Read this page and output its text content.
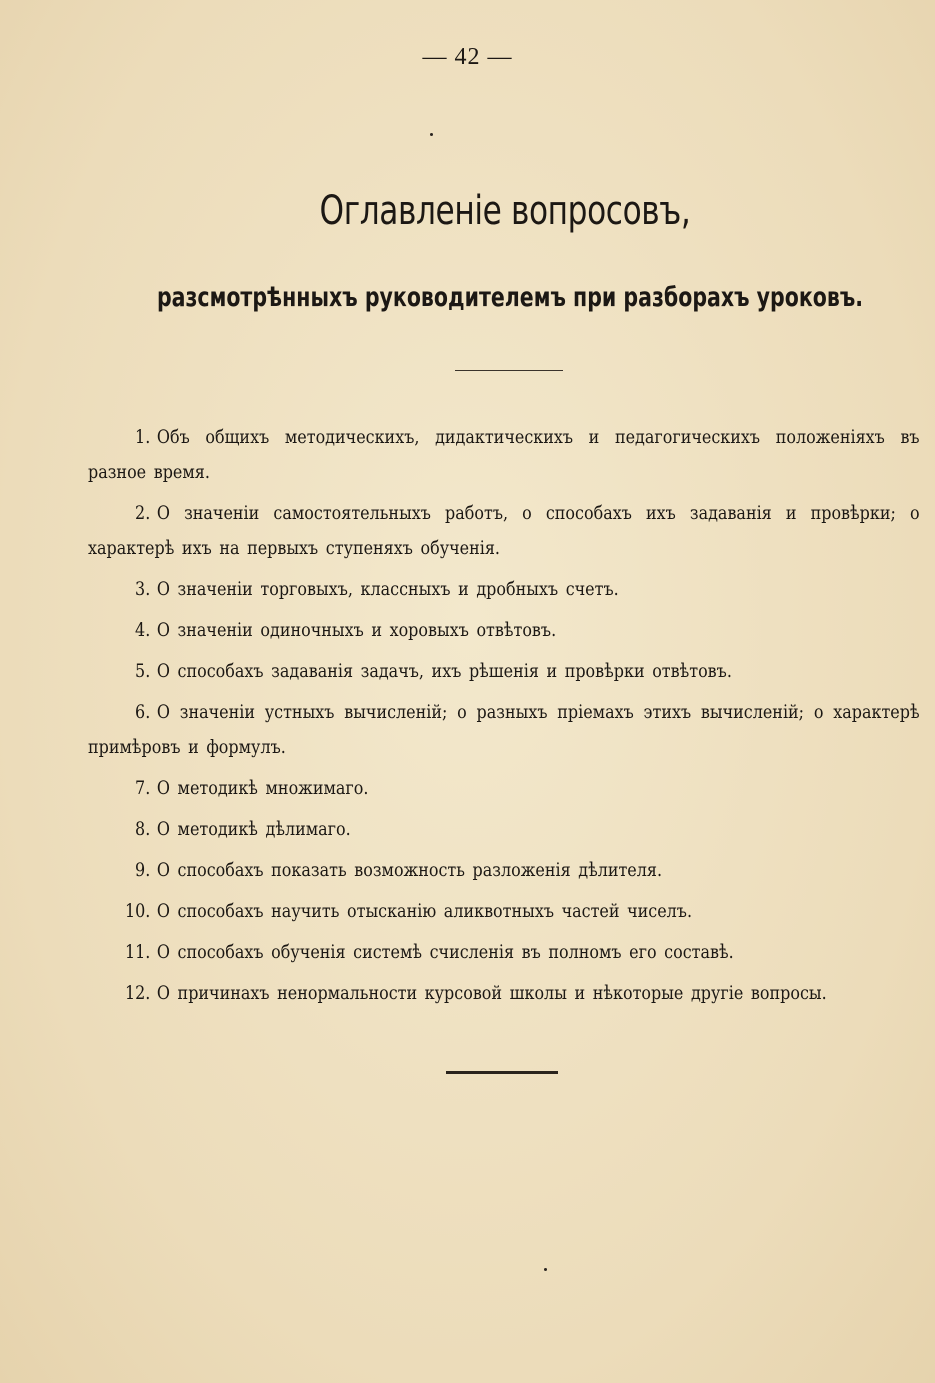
— 42 —
Оглавленіе вопросовъ,
разсмотрѣнныхъ руководителемъ при разборахъ уроковъ.

1. Объ общихъ методическихъ, дидактическихъ и педагогическихъ положеніяхъ въ разное время.

2. О значеніи самостоятельныхъ работъ, о способахъ ихъ задаванія и провѣрки; о характерѣ ихъ на первыхъ ступеняхъ обученія.

3. О значеніи торговыхъ, классныхъ и дробныхъ счетъ.

4. О значеніи одиночныхъ и хоровыхъ отвѣтовъ.

5. О способахъ задаванія задачъ, ихъ рѣшенія и провѣрки отвѣтовъ.

6. О значеніи устныхъ вычисленій; о разныхъ пріемахъ этихъ вычисленій; о характерѣ примѣровъ и формулъ.

7. О методикѣ множимаго.

8. О методикѣ дѣлимаго.

9. О способахъ показать возможность разложенія дѣлителя.

10. О способахъ научить отысканію аликвотныхъ частей чиселъ.

11. О способахъ обученія системѣ счисленія въ полномъ его составѣ.

12. О причинахъ ненормальности курсовой школы и нѣкоторые другіе вопросы.
